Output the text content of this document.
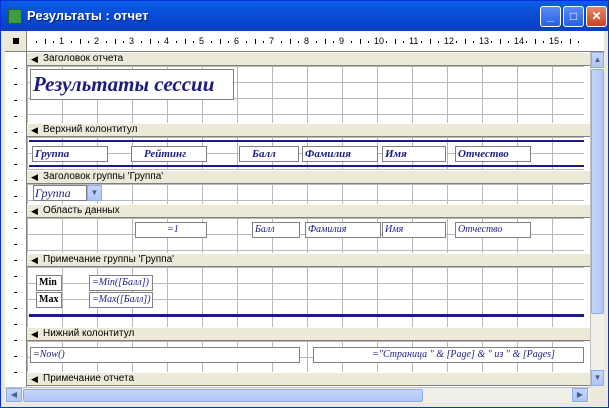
Результаты : отчет	_	□	✕
1	2	3	4	5	6	7	8	9	10	11	12	13	14	15
◀ Заголовок отчета
Результаты сессии
◀ Верхний колонтитул
Группа	Рейтинг	Балл	Фамилия	Имя	Отчество
◀ Заголовок группы 'Группа'
Группа	▼
◀ Область данных
=1	Балл	Фамилия	Имя	Отчество
◀ Примечание группы 'Группа'
Min	=Min([Балл])
Max	=Max([Балл])
◀ Нижний колонтитул
=Now()	="Страница " & [Page] & " из " & [Pages]
◀ Примечание отчета
▲
▼
◀	▶
